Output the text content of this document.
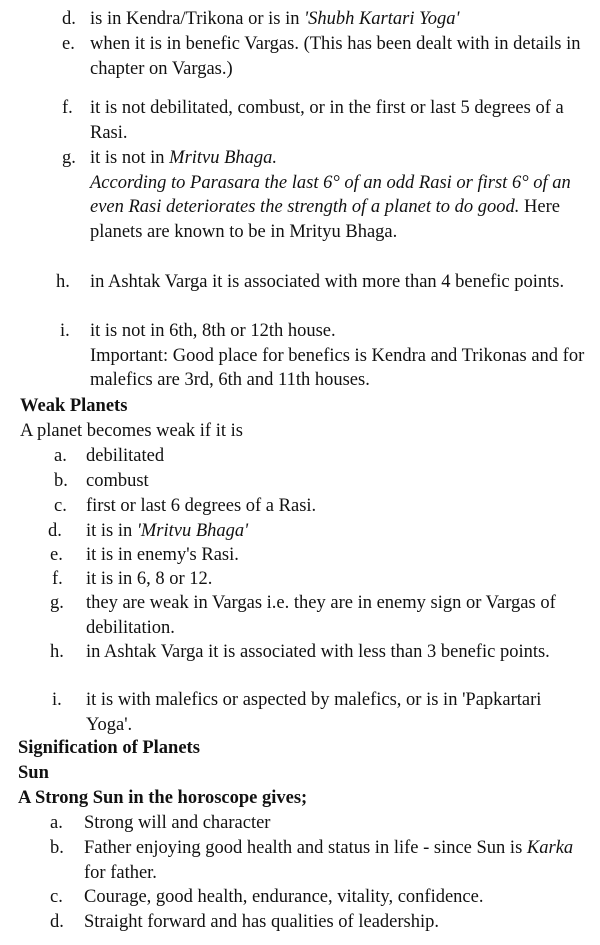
d. is in Kendra/Trikona or is in 'Shubh Kartari Yoga'
e. when it is in benefic Vargas. (This has been dealt with in details in chapter on Vargas.)
f. it is not debilitated, combust, or in the first or last 5 degrees of a Rasi.
g. it is not in Mritvu Bhaga.
According to Parasara the last 6° of an odd Rasi or first 6° of an even Rasi deteriorates the strength of a planet to do good. Here planets are known to be in Mrityu Bhaga.
h. in Ashtak Varga it is associated with more than 4 benefic points.
i. it is not in 6th, 8th or 12th house.
Important: Good place for benefics is Kendra and Trikonas and for malefics are 3rd, 6th and 11th houses.
Weak Planets
A planet becomes weak if it is
a. debilitated
b. combust
c. first or last 6 degrees of a Rasi.
d. it is in 'Mritvu Bhaga'
e. it is in enemy's Rasi.
f. it is in 6, 8 or 12.
g. they are weak in Vargas i.e. they are in enemy sign or Vargas of debilitation.
h. in Ashtak Varga it is associated with less than 3 benefic points.
i. it is with malefics or aspected by malefics, or is in 'Papkartari Yoga'.
Signification of Planets
Sun
A Strong Sun in the horoscope gives;
a. Strong will and character
b. Father enjoying good health and status in life - since Sun is Karka for father.
c. Courage, good health, endurance, vitality, confidence.
d. Straight forward and has qualities of leadership.
